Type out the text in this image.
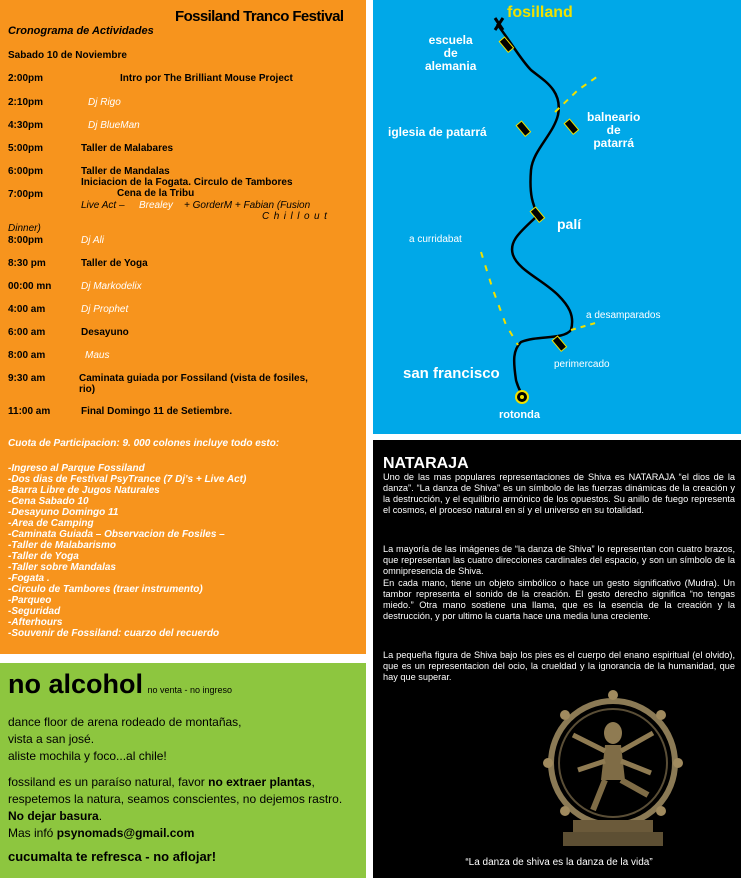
Fossiland Tranco Festival
Cronograma de Actividades
Sabado 10 de Noviembre
2:00pm	Intro por The Brilliant Mouse Project
2:10pm	Dj Rigo
4:30pm	Dj BlueMan
5:00pm	Taller de Malabares
6:00pm	Taller de Mandalas
Iniciacion de la Fogata. Circulo de Tambores
7:00pm	Cena de la Tribu
Live Act – Brealey + GorderM + Fabian (Fusion
Chillout
Dinner)
8:00pm	Dj Ali
8:30 pm	Taller de Yoga
00:00 mn	Dj Markodelix
4:00 am	Dj Prophet
6:00 am	Desayuno
8:00 am	Maus
9:30 am	Caminata guiada por Fossiland (vista de fosiles,
rio)
11:00 am	Final Domingo 11 de Setiembre.
Cuota de Participacion: 9. 000 colones incluye todo esto:
-Ingreso al Parque Fossiland
-Dos dias de Festival PsyTrance (7 Dj's + Live Act)
-Barra Libre de Jugos Naturales
-Cena Sabado 10
-Desayuno Domingo 11
-Area de Camping
-Caminata Guiada – Observacion de Fosiles –
-Taller de Malabarismo
-Taller de Yoga
-Taller sobre Mandalas
-Fogata .
-Circulo de Tambores (traer instrumento)
-Parqueo
-Seguridad
-Afterhours
-Souvenir de Fossiland: cuarzo del recuerdo
fosilland
escuela
de
alemania
balneario
de
patarrá
iglesia de patarrá
palí
a curridabat
a desamparados
perimercado
san francisco
rotonda
NATARAJA
Uno de las mas populares representaciones de Shiva es NATARAJA “el dios de la danza”. “La danza de Shiva” es un símbolo de las fuerzas dinámicas de la creación y la destrucción, y el equilibrio armónico de los opuestos. Su anillo de fuego representa el cosmos, el proceso natural en sí y el universo en su totalidad.
La mayoría de las imágenes de “la danza de Shiva” lo representan con cuatro brazos, que representan las cuatro direcciones cardinales del espacio, y son un símbolo de la omnipresencia de Shiva.
En cada mano, tiene un objeto simbólico o hace un gesto significativo (Mudra). Un tambor representa el sonido de la creación. El gesto derecho significa “no tengas miedo.” Otra mano sostiene una llama, que es la esencia de la creación y la destrucción, y por ultimo la cuarta hace una media luna creciente.
La pequeña figura de Shiva bajo los pies es el cuerpo del enano espiritual (el olvido), que es un representacion del ocio, la crueldad y la ignorancia de la humanidad, que hay que superar.
“La danza de shiva es la danza de la vida”
no alcohol no venta - no ingreso
dance floor de arena rodeado de montañas,
vista a san josé.
aliste mochila y foco...al chile!
fossiland es un paraíso natural, favor no extraer plantas,
respetemos la natura, seamos conscientes, no dejemos rastro.
No dejar basura.
Mas infó psynomads@gmail.com
cucumalta te refresca - no aflojar!
